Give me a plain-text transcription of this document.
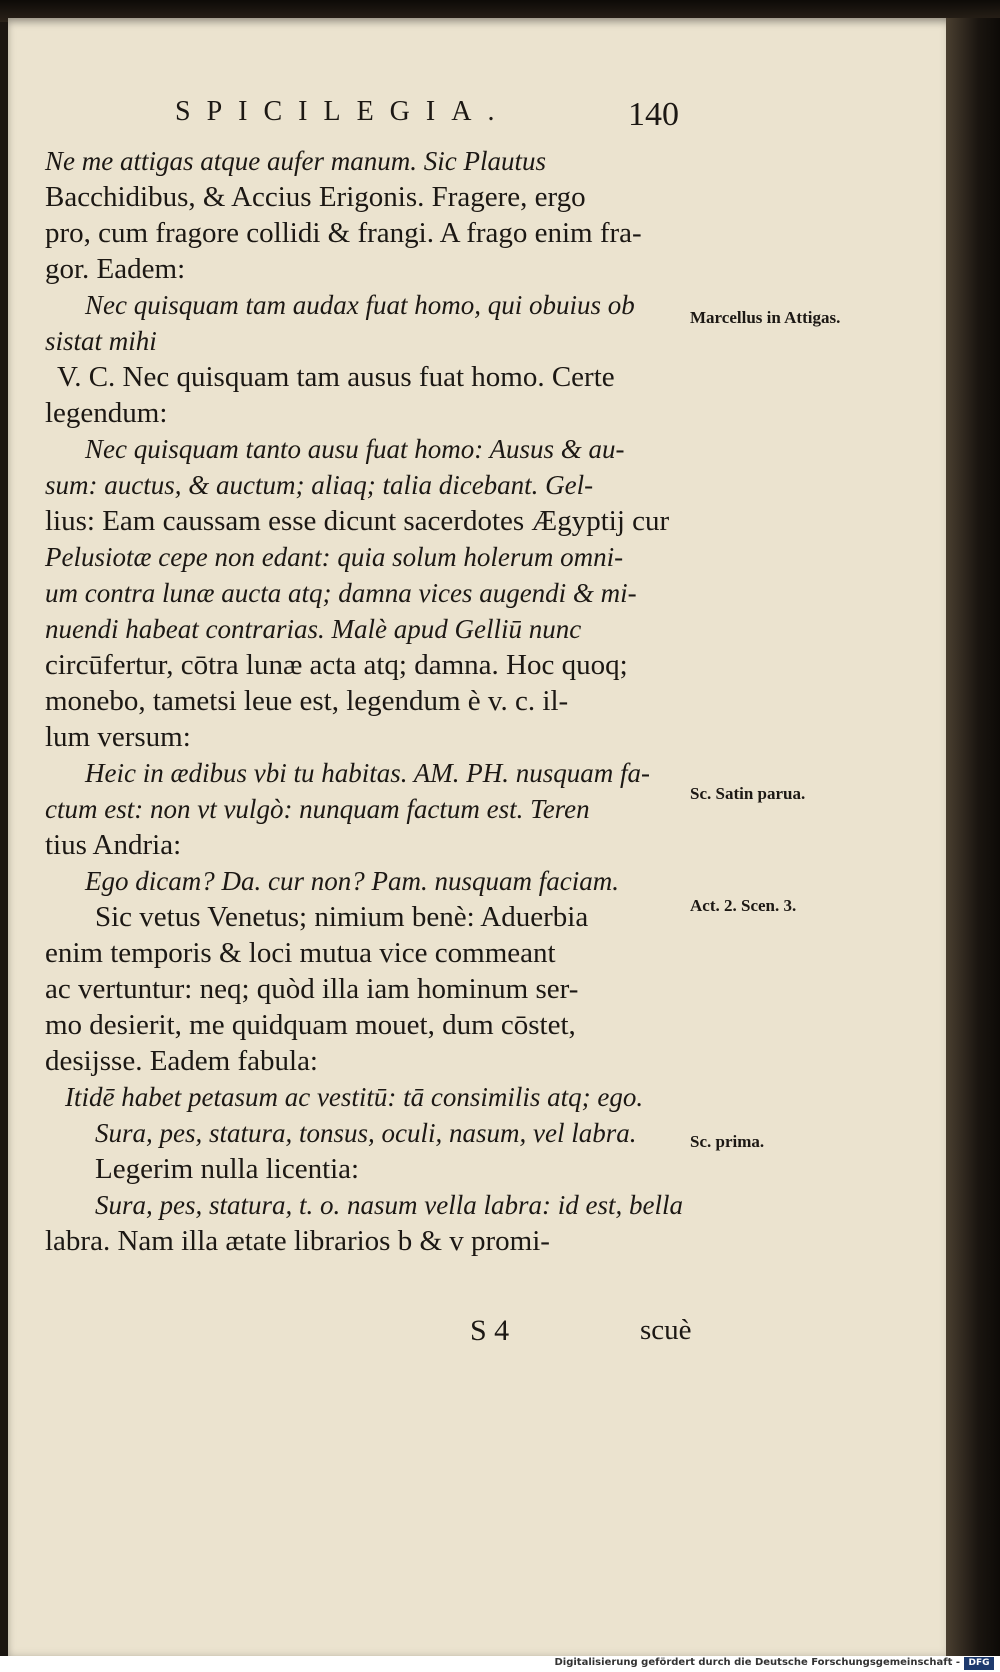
SPICILEGIA.	140
Ne me attigas atque aufer manum. Sic Plautus
Bacchidibus, & Accius Erigonis. Fragere, ergo
pro, cum fragore collidi & frangi. A frago enim fra-
gor. Eadem:
Nec quisquam tam audax fuat homo, qui obuius ob
sistat mihi
V. C. Nec quisquam tam ausus fuat homo. Certe
legendum:
Nec quisquam tanto ausu fuat homo: Ausus & au-
sum: auctus, & auctum; aliaq; talia dicebant. Gel-
lius: Eam caussam esse dicunt sacerdotes Ægyptij cur
Pelusiotæ cepe non edant: quia solum holerum omni-
um contra lunæ aucta atq; damna vices augendi & mi-
nuendi habeat contrarias. Malè apud Gelliū nunc
circūfertur, cōtra lunæ acta atq; damna. Hoc quoq;
monebo, tametsi leue est, legendum è v. c. il-
lum versum:
Heic in ædibus vbi tu habitas. AM. PH. nusquam fa-
ctum est: non vt vulgò: nunquam factum est. Teren
tius Andria:
Ego dicam? Da. cur non? Pam. nusquam faciam.
Sic vetus Venetus; nimium benè: Aduerbia
enim temporis & loci mutua vice commeant
ac vertuntur: neq; quòd illa iam hominum ser-
mo desierit, me quidquam mouet, dum cōstet,
desijsse. Eadem fabula:
Itidē habet petasum ac vestitū: tā consimilis atq; ego.
Sura, pes, statura, tonsus, oculi, nasum, vel labra.
Legerim nulla licentia:
Sura, pes, statura, t. o. nasum vella labra: id est, bella
labra. Nam illa ætate librarios b & v promi-
Marcellus in Attigas.
Sc. Satin parua.
Act. 2. Scen. 3.
Sc. prima.
S 4	scuè
Digitalisierung gefördert durch die Deutsche Forschungsgemeinschaft - DFG
